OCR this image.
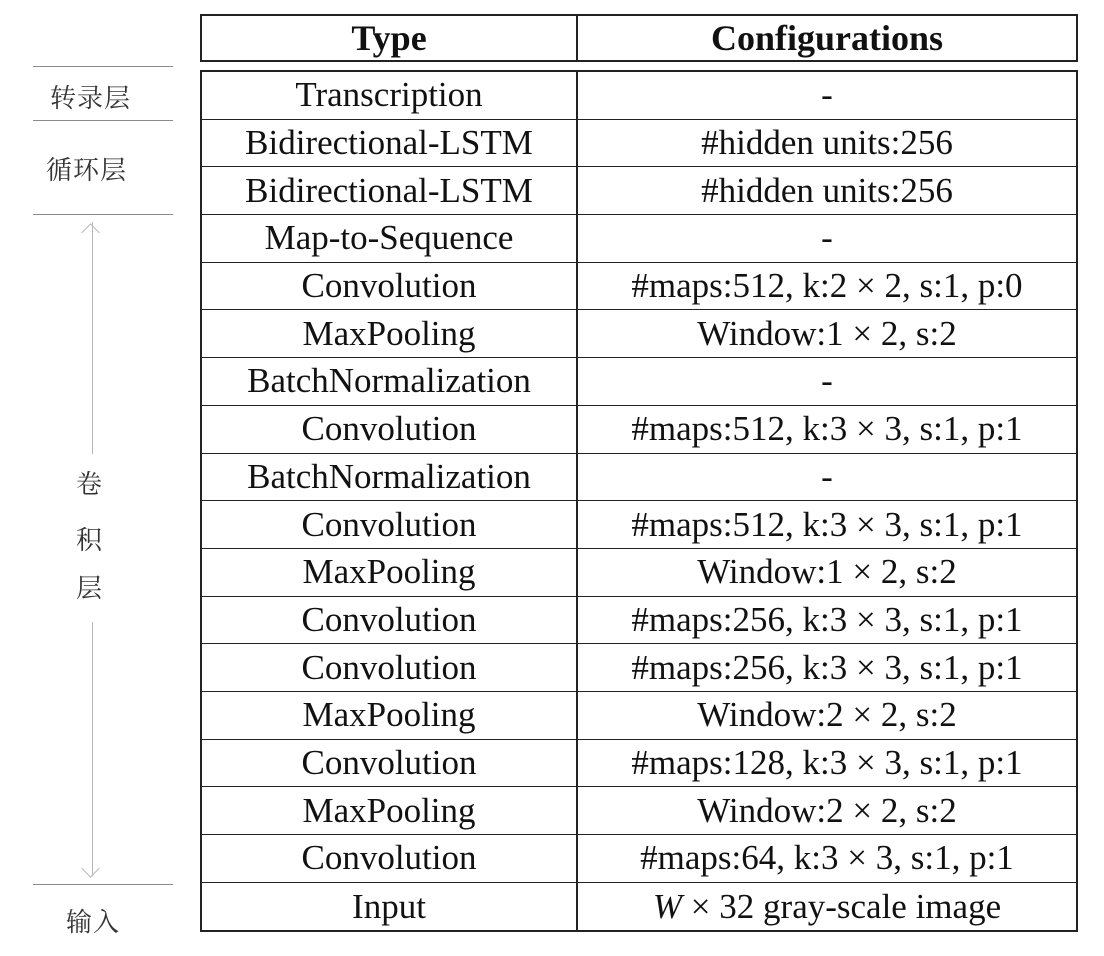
转录层
循环层
卷
积
层
输入
Type	Configurations
Transcription	-
Bidirectional-LSTM	#hidden units:256
Bidirectional-LSTM	#hidden units:256
Map-to-Sequence	-
Convolution	#maps:512, k:2 × 2, s:1, p:0
MaxPooling	Window:1 × 2, s:2
BatchNormalization	-
Convolution	#maps:512, k:3 × 3, s:1, p:1
BatchNormalization	-
Convolution	#maps:512, k:3 × 3, s:1, p:1
MaxPooling	Window:1 × 2, s:2
Convolution	#maps:256, k:3 × 3, s:1, p:1
Convolution	#maps:256, k:3 × 3, s:1, p:1
MaxPooling	Window:2 × 2, s:2
Convolution	#maps:128, k:3 × 3, s:1, p:1
MaxPooling	Window:2 × 2, s:2
Convolution	#maps:64, k:3 × 3, s:1, p:1
Input	W × 32 gray-scale image
